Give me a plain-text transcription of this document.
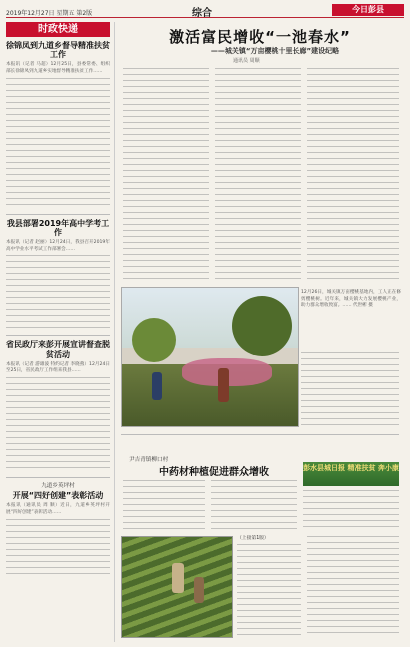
2019年12月27日 星期五 第2版	综合	今日彭县
时政快递
徐锦凤到九道乡督导精准扶贫工作
本报讯（记者 马超）12月25日，县委常委、组织部长徐锦凤到九道乡实地督导精准扶贫工作……
我县部署2019年高中学考工作
本报讯（记者 赵丽）12月24日，我县召开2019年高中学业水平考试工作部署会……
省民政厅来彭开展宣讲督查脱贫活动
本报讯（记者 游雄波 特约记者 李晓燕）12月24日至25日，省民政厅工作组来我县……
九道乡英坪村
开展“四好创建”表彰活动
本报讯（通讯员 周 顺）近日，九道乡英坪村开展“四好创建”表彰活动……
激活富民增收“一池春水”
——城关镇“万亩樱桃十里长廊”建设纪略
通讯员 周顺
12月26日，城关镇万亩樱桃基地内，工人正在修剪樱桃树。近年来，城关镇大力发展樱桃产业，助力群众增收致富。…… 代世彬 摄
尹吉青镇柳口村
中药材种植促进群众增收	彭水县城日报 精准扶贫 奔小康
（上接第1版）
